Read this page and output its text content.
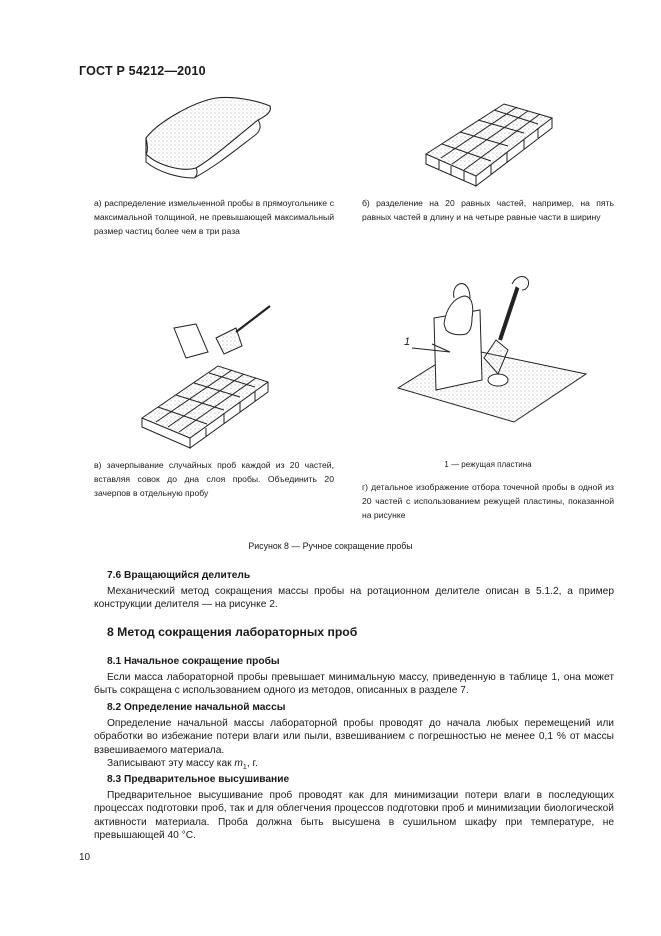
ГОСТ Р 54212—2010
а) распределение измельченной пробы в прямоугольнике с максимальной толщиной, не превышающей максимальный размер частиц более чем в три раза
б) разделение на 20 равных частей, например, на пять равных частей в длину и на четыре равные части в ширину
1
в) зачерпывание случайных проб каждой из 20 частей, вставляя совок до дна слоя пробы. Объединить 20 зачерпов в отдельную пробу
1 — режущая пластина
г) детальное изображение отбора точечной пробы в одной из 20 частей с использованием режущей пластины, показанной на рисунке
Рисунок 8 — Ручное сокращение пробы
7.6 Вращающийся делитель

Механический метод сокращения массы пробы на ротационном делителе описан в 5.1.2, а пример конструкции делителя — на рисунке 2.

8 Метод сокращения лабораторных проб
8.1 Начальное сокращение пробы

Если масса лабораторной пробы превышает минимальную массу, приведенную в таблице 1, она может быть сокращена с использованием одного из методов, описанных в разделе 7.

8.2 Определение начальной массы

Определение начальной массы лабораторной пробы проводят до начала любых перемещений или обработки во избежание потери влаги или пыли, взвешиванием с погрешностью не менее 0,1 % от массы взвешиваемого материала.

Записывают эту массу как $m_1$, г.

8.3 Предварительное высушивание

Предварительное высушивание проб проводят как для минимизации потери влаги в последующих процессах подготовки проб, так и для облегчения процессов подготовки проб и минимизации биологической активности материала. Проба должна быть высушена в сушильном шкафу при температуре, не превышающей 40 °С.

10
